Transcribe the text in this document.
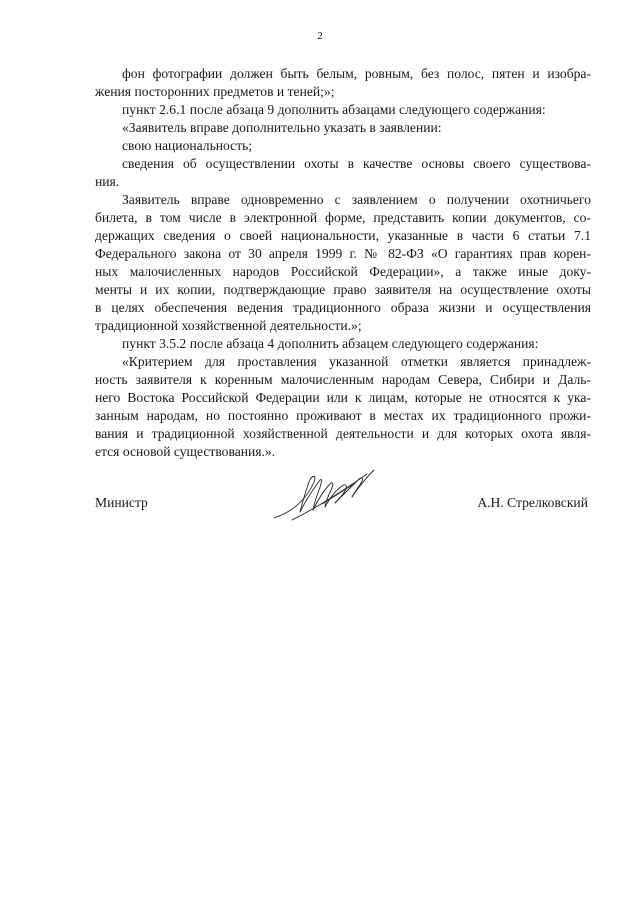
2
фон фотографии должен быть белым, ровным, без полос, пятен и изобра-
жения посторонних предметов и теней;»;
пункт 2.6.1 после абзаца 9 дополнить абзацами следующего содержания:
«Заявитель вправе дополнительно указать в заявлении:
свою национальность;
сведения об осуществлении охоты в качестве основы своего существова-
ния.
Заявитель вправе одновременно с заявлением о получении охотничьего
билета, в том числе в электронной форме, представить копии документов, со-
держащих сведения о своей национальности, указанные в части 6 статьи 7.1
Федерального закона от 30 апреля 1999 г. № 82-ФЗ «О гарантиях прав корен-
ных малочисленных народов Российской Федерации», а также иные доку-
менты и их копии, подтверждающие право заявителя на осуществление охоты
в целях обеспечения ведения традиционного образа жизни и осуществления
традиционной хозяйственной деятельности.»;
пункт 3.5.2 после абзаца 4 дополнить абзацем следующего содержания:
«Критерием для проставления указанной отметки является принадлеж-
ность заявителя к коренным малочисленным народам Севера, Сибири и Даль-
него Востока Российской Федерации или к лицам, которые не относятся к ука-
занным народам, но постоянно проживают в местах их традиционного прожи-
вания и традиционной хозяйственной деятельности и для которых охота явля-
ется основой существования.».
Министр	А.Н. Стрелковский
